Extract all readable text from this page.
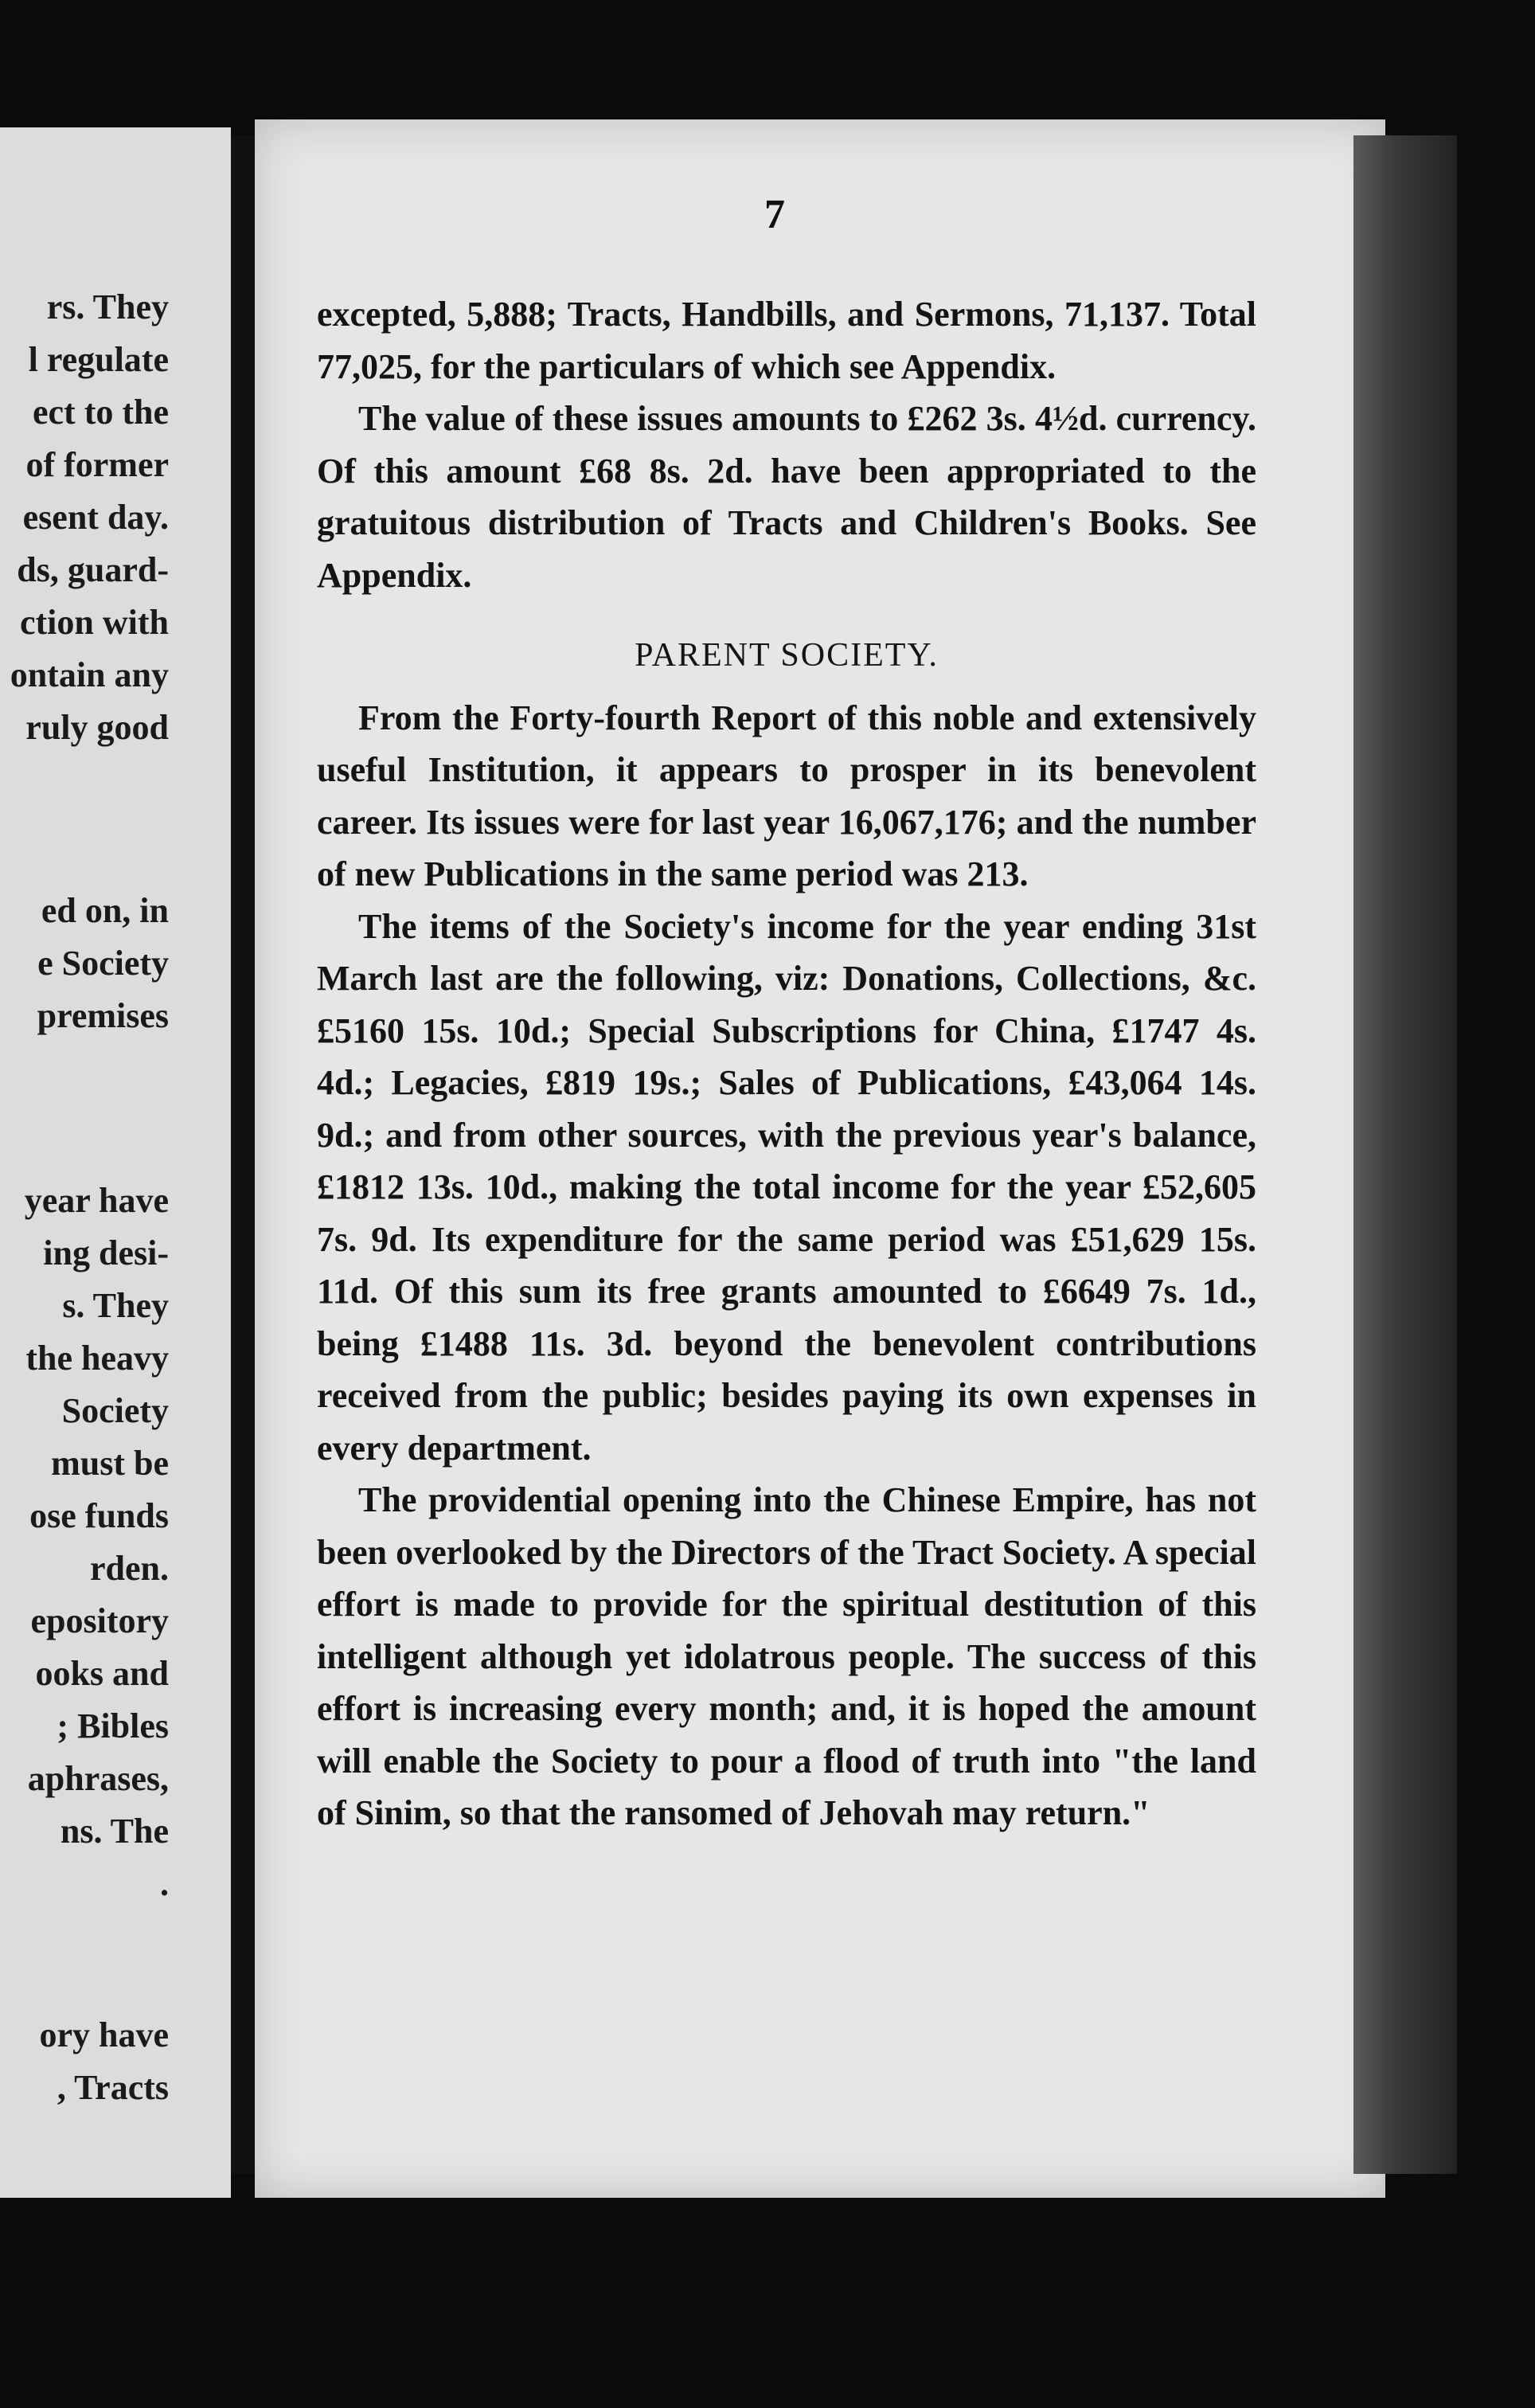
rs. They
l regulate
ect to the
of former
esent day.
ds, guard-
ction with
ontain any
ruly good
ed on, in
e Society
premises
year have
ing desi-
s. They
the heavy
Society
must be
ose funds
rden.
epository
ooks and
; Bibles
aphrases,
ns. The
.
ory have
, Tracts
7

excepted, 5,888; Tracts, Handbills, and Sermons, 71,137. Total 77,025, for the particulars of which see Appendix.

The value of these issues amounts to £262 3s. 4½d. currency. Of this amount £68 8s. 2d. have been appropriated to the gratuitous distribution of Tracts and Children's Books. See Appendix.

PARENT SOCIETY.

From the Forty-fourth Report of this noble and extensively useful Institution, it appears to prosper in its benevolent career. Its issues were for last year 16,067,176; and the number of new Publications in the same period was 213.

The items of the Society's income for the year ending 31st March last are the following, viz: Donations, Collections, &c. £5160 15s. 10d.; Special Subscriptions for China, £1747 4s. 4d.; Legacies, £819 19s.; Sales of Publications, £43,064 14s. 9d.; and from other sources, with the previous year's balance, £1812 13s. 10d., making the total income for the year £52,605 7s. 9d. Its expenditure for the same period was £51,629 15s. 11d. Of this sum its free grants amounted to £6649 7s. 1d., being £1488 11s. 3d. beyond the benevolent contributions received from the public; besides paying its own expenses in every department.

The providential opening into the Chinese Empire, has not been overlooked by the Directors of the Tract Society. A special effort is made to provide for the spiritual destitution of this intelligent although yet idolatrous people. The success of this effort is increasing every month; and, it is hoped the amount will enable the Society to pour a flood of truth into "the land of Sinim, so that the ransomed of Jehovah may return."
